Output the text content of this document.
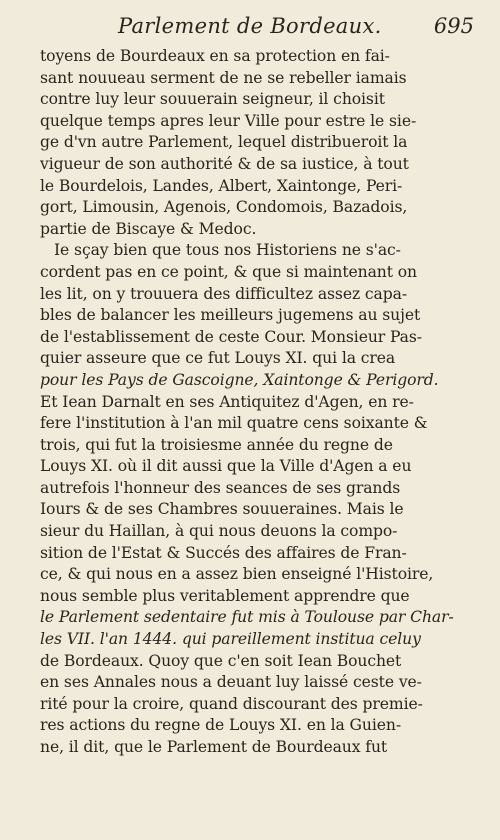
Parlement de Bordeaux. 695
toyens de Bourdeaux en sa protection en fai-
sant nouueau serment de ne se rebeller iamais
contre luy leur souuerain seigneur, il choisit
quelque temps apres leur Ville pour estre le sie-
ge d'vn autre Parlement, lequel distribueroit la
vigueur de son authorité & de sa iustice, à tout
le Bourdelois, Landes, Albert, Xaintonge, Peri-
gort, Limousin, Agenois, Condomois, Bazadois,
partie de Biscaye & Medoc.
Ie sçay bien que tous nos Historiens ne s'ac-
cordent pas en ce point, & que si maintenant on
les lit, on y trouuera des difficultez assez capa-
bles de balancer les meilleurs jugemens au sujet
de l'establissement de ceste Cour. Monsieur Pas-
quier asseure que ce fut Louys XI. qui la crea
pour les Pays de Gascoigne, Xaintonge & Perigord.
Et Iean Darnalt en ses Antiquitez d'Agen, en re-
fere l'institution à l'an mil quatre cens soixante &
trois, qui fut la troisiesme année du regne de
Louys XI. où il dit aussi que la Ville d'Agen a eu
autrefois l'honneur des seances de ses grands
Iours & de ses Chambres souueraines. Mais le
sieur du Haillan, à qui nous deuons la compo-
sition de l'Estat & Succés des affaires de Fran-
ce, & qui nous en a assez bien enseigné l'Histoire,
nous semble plus veritablement apprendre que
le Parlement sedentaire fut mis à Toulouse par Char-
les VII. l'an 1444. qui pareillement institua celuy
de Bordeaux. Quoy que c'en soit Iean Bouchet
en ses Annales nous a deuant luy laissé ceste ve-
rité pour la croire, quand discourant des premie-
res actions du regne de Louys XI. en la Guien-
ne, il dit, que le Parlement de Bourdeaux fut
